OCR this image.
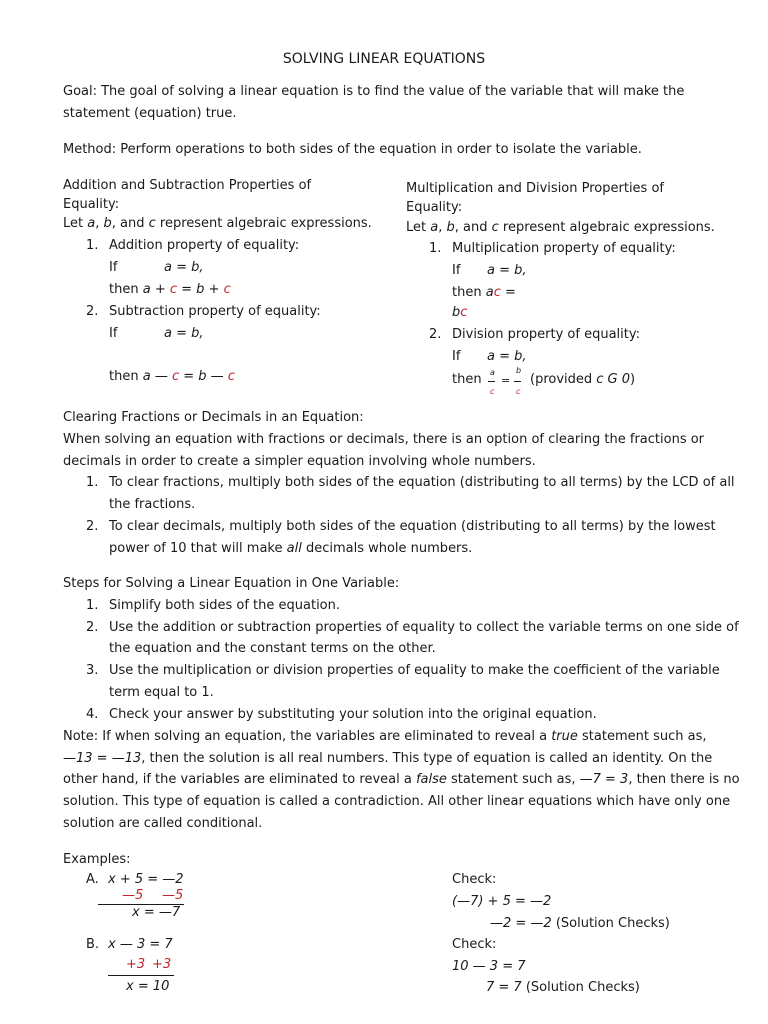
SOLVING LINEAR EQUATIONS
Goal: The goal of solving a linear equation is to find the value of the variable that will make the
statement (equation) true.
Method: Perform operations to both sides of the equation in order to isolate the variable.
Addition and Subtraction Properties of
Equality:
Let a, b, and c represent algebraic expressions.
1. Addition property of equality:
If	a = b,
then a + c = b + c
2. Subtraction property of equality:
If	a = b,
then a — c = b — c
Multiplication and Division Properties of
Equality:
Let a, b, and c represent algebraic expressions.
1. Multiplication property of equality:
If a = b,
then ac =
bc
2. Division property of equality:
If a = b,
then a
c
=
b
c
(provided c G 0)
Clearing Fractions or Decimals in an Equation:
When solving an equation with fractions or decimals, there is an option of clearing the fractions or
decimals in order to create a simpler equation involving whole numbers.
1. To clear fractions, multiply both sides of the equation (distributing to all terms) by the LCD of all
the fractions.
2. To clear decimals, multiply both sides of the equation (distributing to all terms) by the lowest
power of 10 that will make all decimals whole numbers.
Steps for Solving a Linear Equation in One Variable:
1. Simplify both sides of the equation.
2. Use the addition or subtraction properties of equality to collect the variable terms on one side of
the equation and the constant terms on the other.
3. Use the multiplication or division properties of equality to make the coefficient of the variable
term equal to 1.
4. Check your answer by substituting your solution into the original equation.
Note: If when solving an equation, the variables are eliminated to reveal a true statement such as,
—13 = —13, then the solution is all real numbers. This type of equation is called an identity. On the
other hand, if the variables are eliminated to reveal a false statement such as, —7 = 3, then there is no
solution. This type of equation is called a contradiction. All other linear equations which have only one
solution are called conditional.
Examples:
A. x + 5 = —2
—5 —5
x = —7
Check:
(—7) + 5 = —2
—2 = —2 (Solution Checks)
B. x — 3 = 7
+3 +3
x = 10
Check:
10 — 3 = 7
7 = 7 (Solution Checks)
